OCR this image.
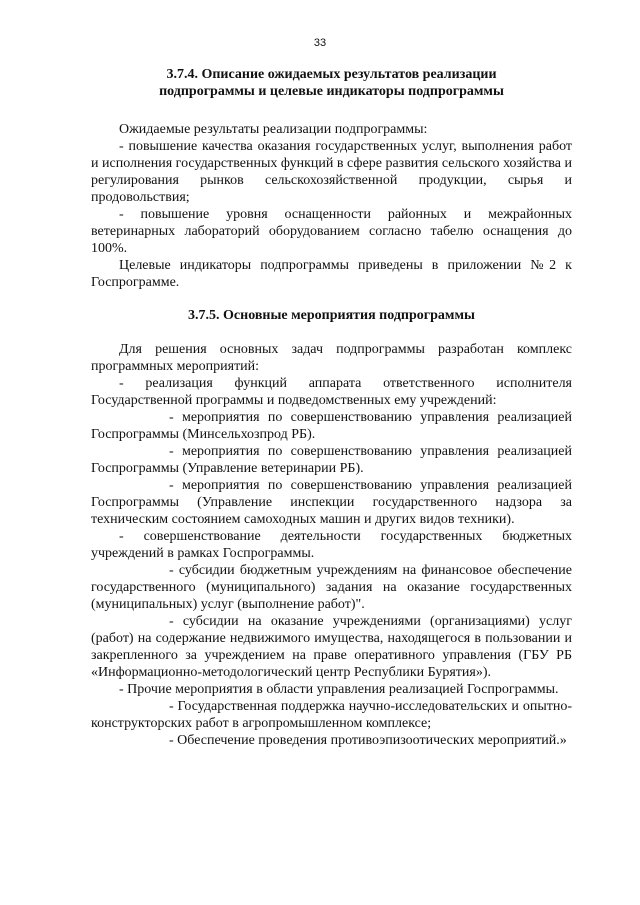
33
3.7.4. Описание ожидаемых результатов реализации
подпрограммы и целевые индикаторы подпрограммы

Ожидаемые результаты реализации подпрограммы:

- повышение качества оказания государственных услуг, выполнения работ и исполнения государственных функций в сфере развития сельского хозяйства и регулирования рынков сельскохозяйственной продукции, сырья и продовольствия;

- повышение уровня оснащенности районных и межрайонных ветеринарных лабораторий оборудованием согласно табелю оснащения до 100%.

Целевые индикаторы подпрограммы приведены в приложении №2 к Госпрограмме.

3.7.5. Основные мероприятия подпрограммы

Для решения основных задач подпрограммы разработан комплекс программных мероприятий:

- реализация функций аппарата ответственного исполнителя Государственной программы и подведомственных ему учреждений:

- мероприятия по совершенствованию управления реализацией Госпрограммы (Минсельхозпрод РБ).

- мероприятия по совершенствованию управления реализацией Госпрограммы (Управление ветеринарии РБ).

- мероприятия по совершенствованию управления реализацией Госпрограммы (Управление инспекции государственного надзора за техническим состоянием самоходных машин и других видов техники).

- совершенствование деятельности государственных бюджетных учреждений в рамках Госпрограммы.

- субсидии бюджетным учреждениям на финансовое обеспечение государственного (муниципального) задания на оказание государственных (муниципальных) услуг (выполнение работ)".

- субсидии на оказание учреждениями (организациями) услуг (работ) на содержание недвижимого имущества, находящегося в пользовании и закрепленного за учреждением на праве оперативного управления (ГБУ РБ «Информационно-методологический центр Республики Бурятия»).

- Прочие мероприятия в области управления реализацией Госпрограммы.

- Государственная поддержка научно-исследовательских и опытно-конструкторских работ в агропромышленном комплексе;

- Обеспечение проведения противоэпизоотических мероприятий.»
